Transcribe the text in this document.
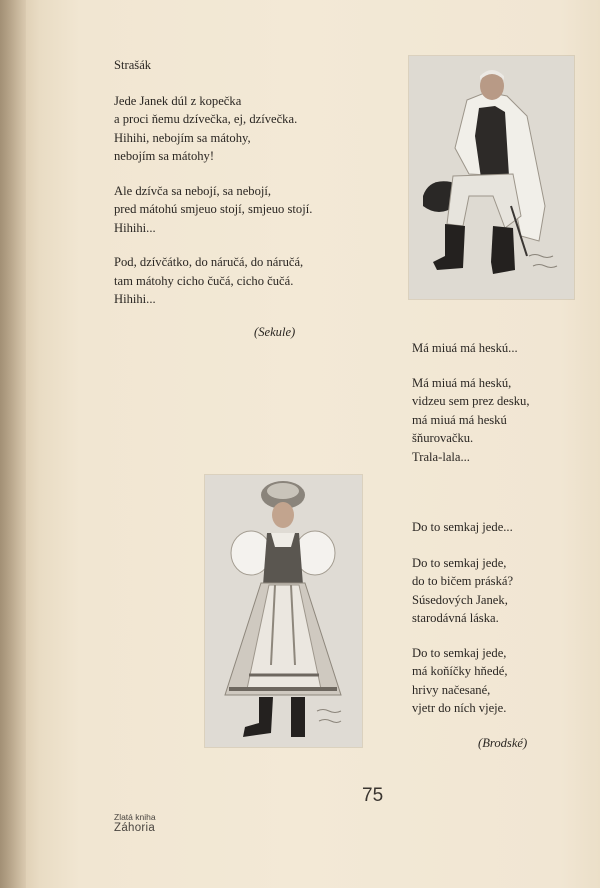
Strašák
Jede Janek dúl z kopečka
a proci ňemu dzívečka, ej, dzívečka.
Hihihi, nebojím sa mátohy,
nebojím sa mátohy!
Ale dzívča sa nebojí, sa nebojí,
pred mátohú smjeuo stojí, smjeuo stojí.
Hihihi...
Pod, dzívčátko, do náručá, do náručá,
tam mátohy cicho čučá, cicho čučá.
Hihihi...
(Sekule)
Má miuá má heskú...
Má miuá má heskú,
vidzeu sem prez desku,
má miuá má heskú
šňurovačku.
Trala-lala...
Do to semkaj jede...
Do to semkaj jede,
do to bičem práská?
Súsedových Janek,
starodávná láska.
Do to semkaj jede,
má koňíčky hňedé,
hrivy načesané,
vjetr do ních vjeje.
(Brodské)
75
Zlatá kniha
Záhoria
